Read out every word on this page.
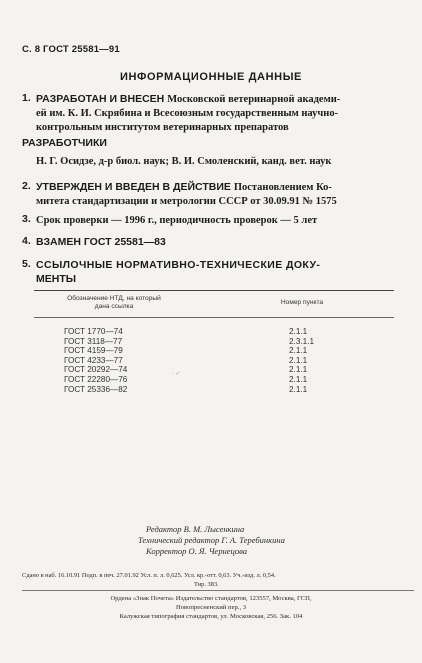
С. 8 ГОСТ 25581—91
ИНФОРМАЦИОННЫЕ ДАННЫЕ
1. РАЗРАБОТАН И ВНЕСЕН Московской ветеринарной академи-
ей им. К. И. Скрябина и Всесоюзным государственным научно-
контрольным институтом ветеринарных препаратов
РАЗРАБОТЧИКИ
Н. Г. Осидзе, д-р биол. наук; В. И. Смоленский, канд. вет. наук
2. УТВЕРЖДЕН И ВВЕДЕН В ДЕЙСТВИЕ Постановлением Ко-
митета стандартизации и метрологии СССР от 30.09.91 № 1575
3. Срок проверки — 1996 г., периодичность проверок — 5 лет
4. ВЗАМЕН ГОСТ 25581—83
5. ССЫЛОЧНЫЕ НОРМАТИВНО-ТЕХНИЧЕСКИЕ ДОКУ-
МЕНТЫ
Обозначение НТД, на который
дана ссылка
Номер пункта
ГОСТ 1770—74	2.1.1
ГОСТ 3118—77	2.3.1.1
ГОСТ 4159—79	2.1.1
ГОСТ 4233—77	2.1.1
ГОСТ 20292—74	2.1.1
ГОСТ 22280—76	2.1.1
ГОСТ 25336—82	2.1.1
· ·∕
Редактор В. М. Лысенкина
Технический редактор Г. А. Теребинкина
Корректор О. Я. Чернецова
Сдано в наб. 16.10.91 Подп. в печ. 27.01.92 Усл. п. л. 0,625. Усл. кр.-отт. 0,63. Уч.-изд. л. 0,54.
Тир. 383.
Ордена «Знак Почета» Издательство стандартов, 123557, Москва, ГСП,
Новопресненский пер., 3
Калужская типография стандартов, ул. Московская, 256. Зак. 104
